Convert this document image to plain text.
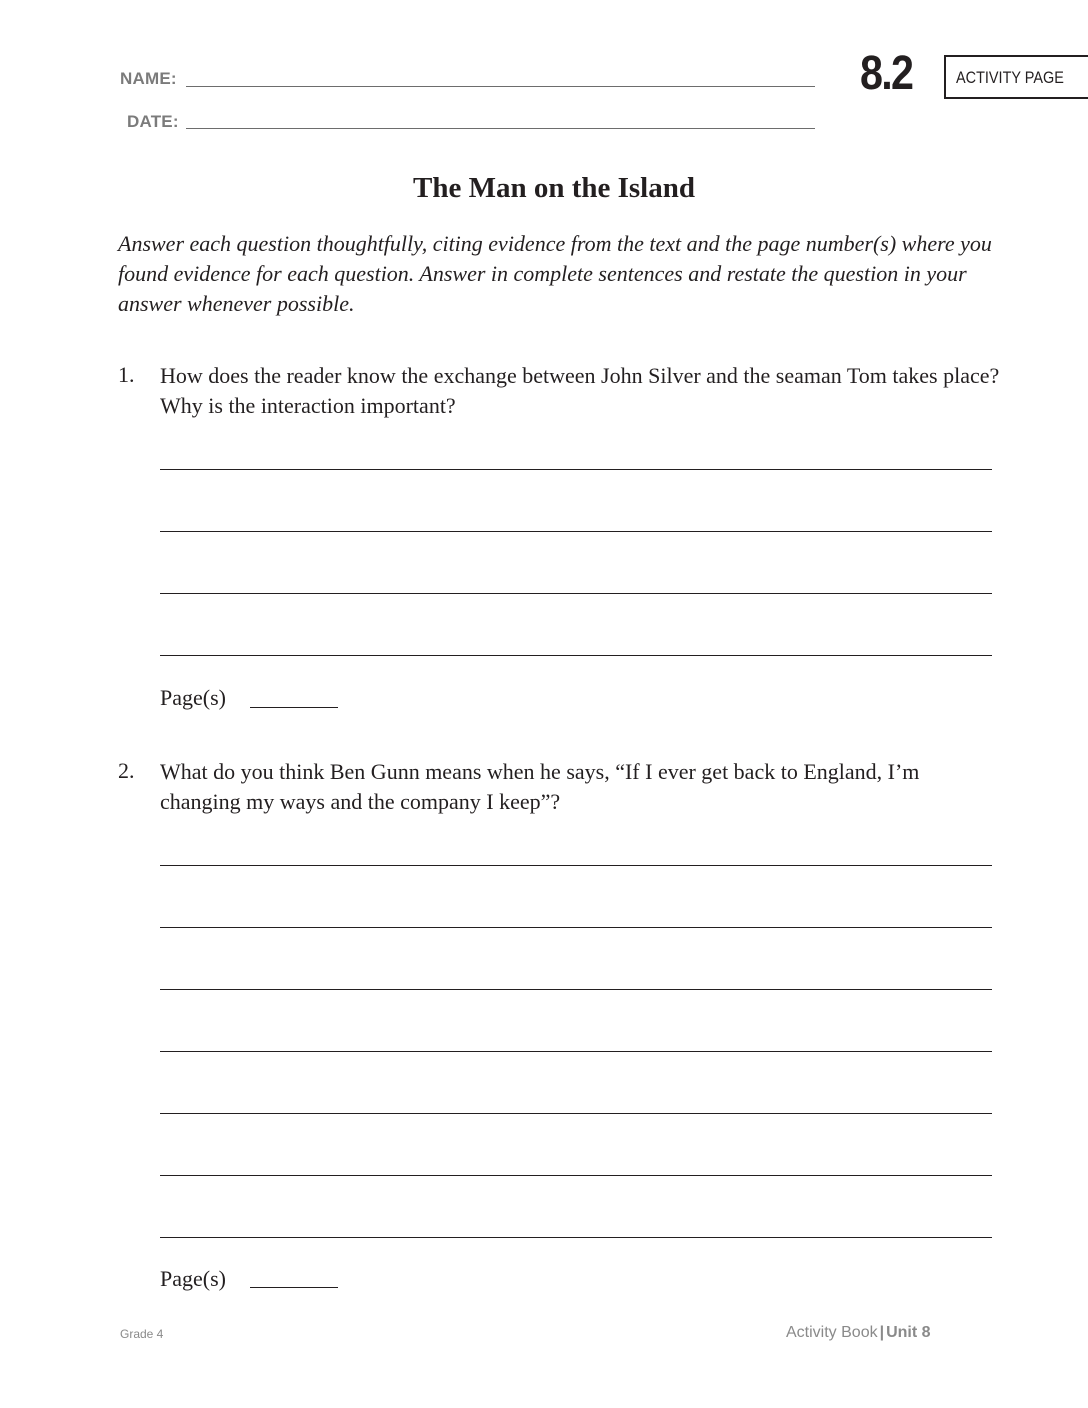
NAME:
DATE:
8.2	ACTIVITY PAGE
The Man on the Island
Answer each question thoughtfully, citing evidence from the text and the page number(s) where you found evidence for each question. Answer in complete sentences and restate the question in your answer whenever possible.
1. How does the reader know the exchange between John Silver and the seaman Tom takes place? Why is the interaction important?
Page(s)
2. What do you think Ben Gunn means when he says, “If I ever get back to England, I’m changing my ways and the company I keep”?
Page(s)
Grade 4	Activity Book | Unit 8
